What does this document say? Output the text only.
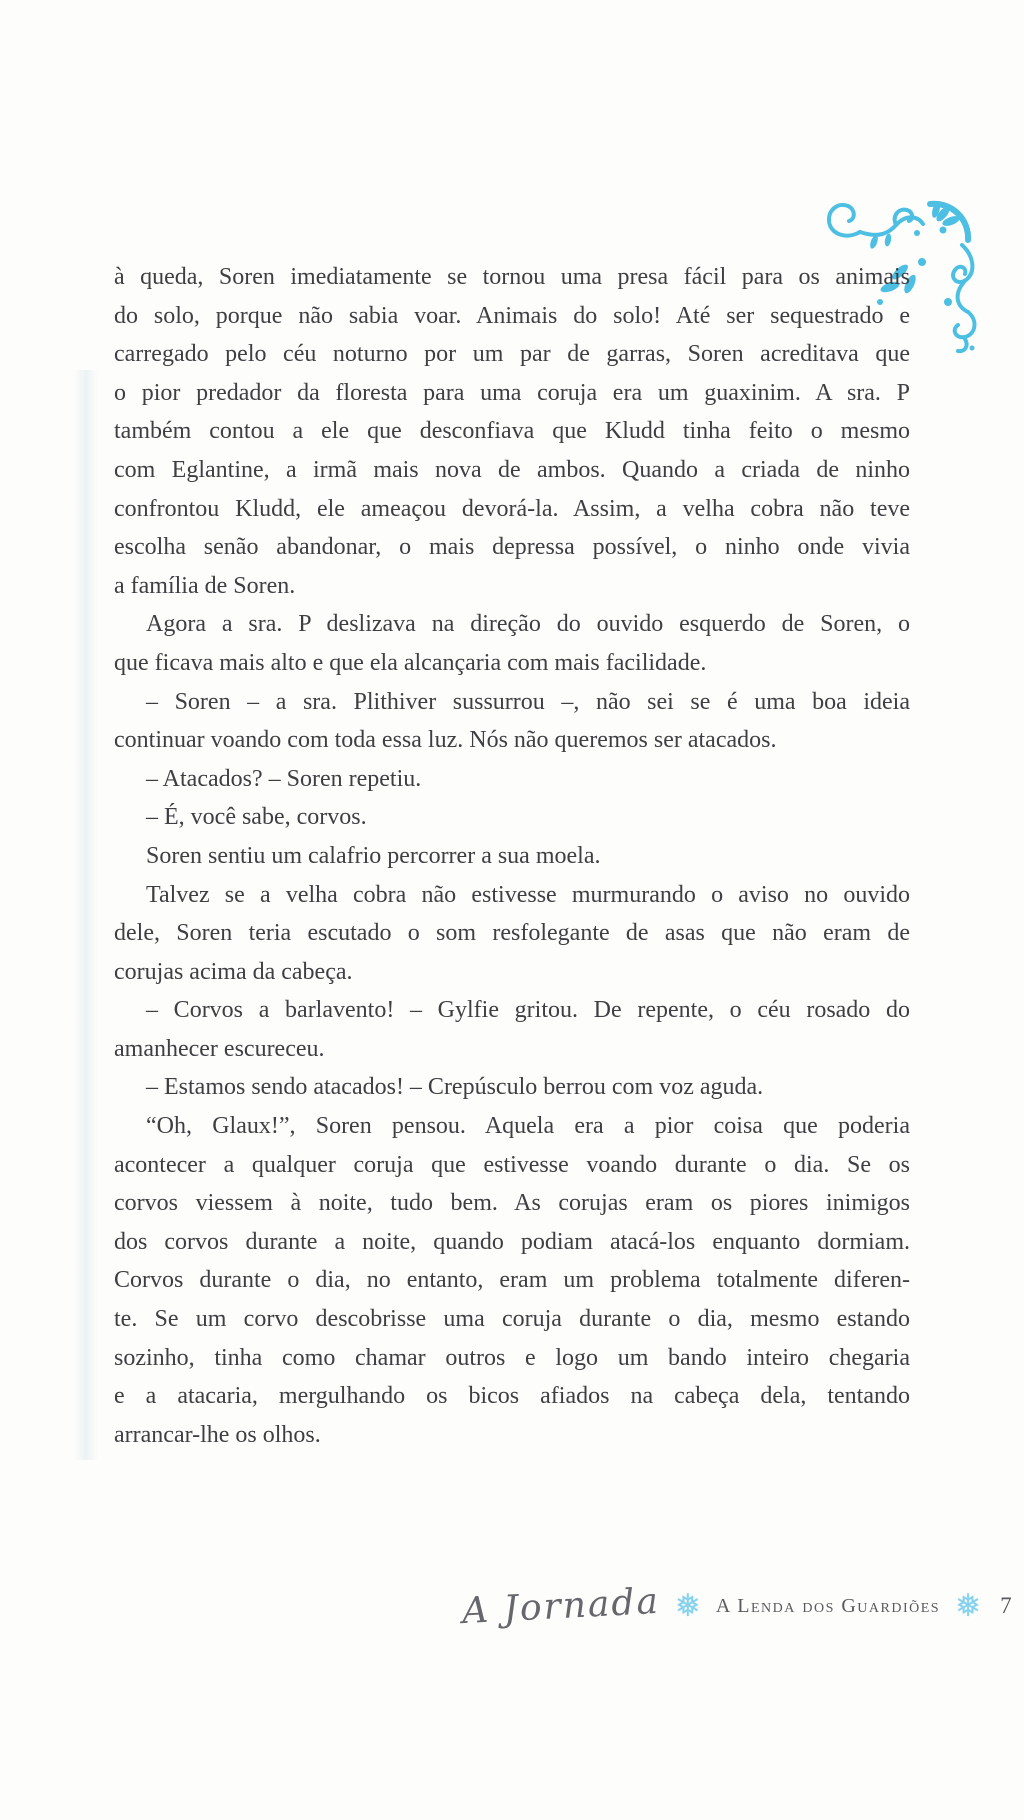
à queda, Soren imediatamente se tornou uma presa fácil para os animais
do solo, porque não sabia voar. Animais do solo! Até ser sequestrado e
carregado pelo céu noturno por um par de garras, Soren acreditava que
o pior predador da floresta para uma coruja era um guaxinim. A sra. P
também contou a ele que desconfiava que Kludd tinha feito o mesmo
com Eglantine, a irmã mais nova de ambos. Quando a criada de ninho
confrontou Kludd, ele ameaçou devorá-la. Assim, a velha cobra não teve
escolha senão abandonar, o mais depressa possível, o ninho onde vivia
a família de Soren.
Agora a sra. P deslizava na direção do ouvido esquerdo de Soren, o
que ficava mais alto e que ela alcançaria com mais facilidade.
– Soren – a sra. Plithiver sussurrou –, não sei se é uma boa ideia
continuar voando com toda essa luz. Nós não queremos ser atacados.
– Atacados? – Soren repetiu.
– É, você sabe, corvos.
Soren sentiu um calafrio percorrer a sua moela.
Talvez se a velha cobra não estivesse murmurando o aviso no ouvido
dele, Soren teria escutado o som resfolegante de asas que não eram de
corujas acima da cabeça.
– Corvos a barlavento! – Gylfie gritou. De repente, o céu rosado do
amanhecer escureceu.
– Estamos sendo atacados! – Crepúsculo berrou com voz aguda.
“Oh, Glaux!”, Soren pensou. Aquela era a pior coisa que poderia
acontecer a qualquer coruja que estivesse voando durante o dia. Se os
corvos viessem à noite, tudo bem. As corujas eram os piores inimigos
dos corvos durante a noite, quando podiam atacá-los enquanto dormiam.
Corvos durante o dia, no entanto, eram um problema totalmente diferen-
te. Se um corvo descobrisse uma coruja durante o dia, mesmo estando
sozinho, tinha como chamar outros e logo um bando inteiro chegaria
e a atacaria, mergulhando os bicos afiados na cabeça dela, tentando
arrancar-lhe os olhos.
A Jornada ❅ A Lenda dos Guardiões ❅ 7
